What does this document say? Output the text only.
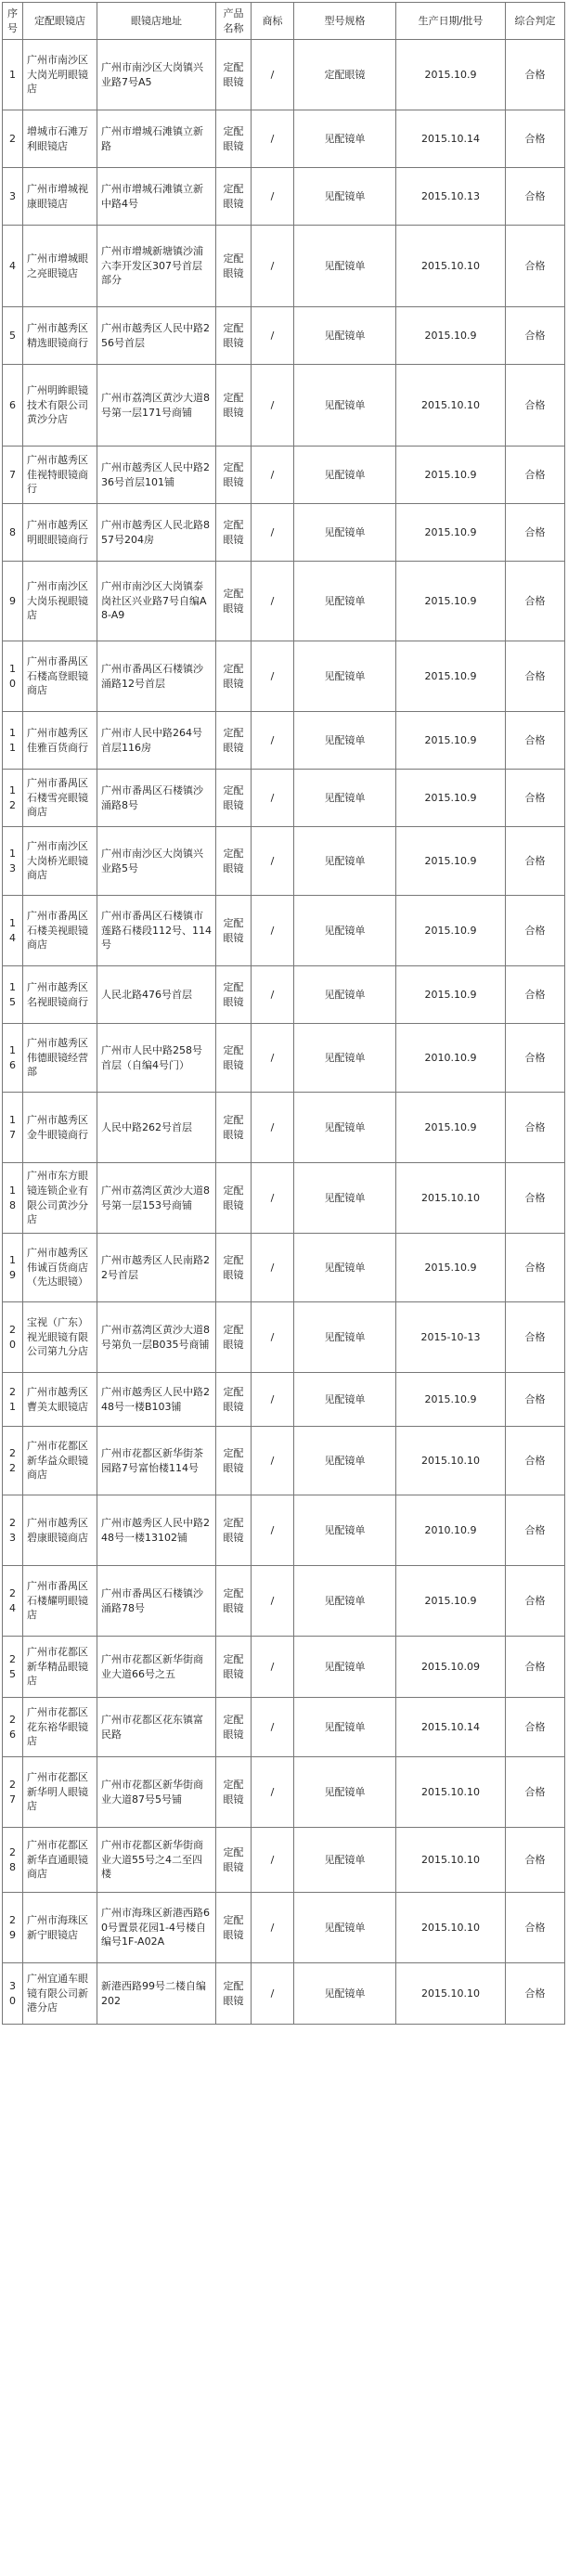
序号	定配眼镜店	眼镜店地址	产品名称	商标	型号规格	生产日期/批号	综合判定
1	广州市南沙区大岗光明眼镜店	广州市南沙区大岗镇兴业路7号A5	定配眼镜	/	定配眼镜	2015.10.9	合格
2	增城市石滩万利眼镜店	广州市增城石滩镇立新路	定配眼镜	/	见配镜单	2015.10.14	合格
3	广州市增城视康眼镜店	广州市增城石滩镇立新中路4号	定配眼镜	/	见配镜单	2015.10.13	合格
4	广州市增城眼之亮眼镜店	广州市增城新塘镇沙浦六李开发区307号首层部分	定配眼镜	/	见配镜单	2015.10.10	合格
5	广州市越秀区精选眼镜商行	广州市越秀区人民中路256号首层	定配眼镜	/	见配镜单	2015.10.9	合格
6	广州明眸眼镜技术有限公司黄沙分店	广州市荔湾区黄沙大道8号第一层171号商铺	定配眼镜	/	见配镜单	2015.10.10	合格
7	广州市越秀区佳视特眼镜商行	广州市越秀区人民中路236号首层101铺	定配眼镜	/	见配镜单	2015.10.9	合格
8	广州市越秀区明眼眼镜商行	广州市越秀区人民北路857号204房	定配眼镜	/	见配镜单	2015.10.9	合格
9	广州市南沙区大岗乐视眼镜店	广州市南沙区大岗镇泰岗社区兴业路7号自编A8-A9	定配眼镜	/	见配镜单	2015.10.9	合格
10	广州市番禺区石楼高登眼镜商店	广州市番禺区石楼镇沙涌路12号首层	定配眼镜	/	见配镜单	2015.10.9	合格
11	广州市越秀区佳雅百货商行	广州市人民中路264号首层116房	定配眼镜	/	见配镜单	2015.10.9	合格
12	广州市番禺区石楼雪亮眼镜商店	广州市番禺区石楼镇沙涌路8号	定配眼镜	/	见配镜单	2015.10.9	合格
13	广州市南沙区大岗桥光眼镜商店	广州市南沙区大岗镇兴业路5号	定配眼镜	/	见配镜单	2015.10.9	合格
14	广州市番禺区石楼美视眼镜商店	广州市番禺区石楼镇市莲路石楼段112号、114号	定配眼镜	/	见配镜单	2015.10.9	合格
15	广州市越秀区名视眼镜商行	人民北路476号首层	定配眼镜	/	见配镜单	2015.10.9	合格
16	广州市越秀区伟德眼镜经营部	广州市人民中路258号首层（自编4号门）	定配眼镜	/	见配镜单	2010.10.9	合格
17	广州市越秀区金牛眼镜商行	人民中路262号首层	定配眼镜	/	见配镜单	2015.10.9	合格
18	广州市东方眼镜连锁企业有限公司黄沙分店	广州市荔湾区黄沙大道8号第一层153号商铺	定配眼镜	/	见配镜单	2015.10.10	合格
19	广州市越秀区伟诚百货商店（先达眼镜）	广州市越秀区人民南路22号首层	定配眼镜	/	见配镜单	2015.10.9	合格
20	宝视（广东）视光眼镜有限公司第九分店	广州市荔湾区黄沙大道8号第负一层B035号商铺	定配眼镜	/	见配镜单	2015-10-13	合格
21	广州市越秀区曹美太眼镜店	广州市越秀区人民中路248号一楼B103铺	定配眼镜	/	见配镜单	2015.10.9	合格
22	广州市花都区新华益众眼镜商店	广州市花都区新华街茶园路7号富怡楼114号	定配眼镜	/	见配镜单	2015.10.10	合格
23	广州市越秀区碧康眼镜商店	广州市越秀区人民中路248号一楼13102铺	定配眼镜	/	见配镜单	2010.10.9	合格
24	广州市番禺区石楼耀明眼镜店	广州市番禺区石楼镇沙涌路78号	定配眼镜	/	见配镜单	2015.10.9	合格
25	广州市花都区新华精品眼镜店	广州市花都区新华街商业大道66号之五	定配眼镜	/	见配镜单	2015.10.09	合格
26	广州市花都区花东裕华眼镜店	广州市花都区花东镇富民路	定配眼镜	/	见配镜单	2015.10.14	合格
27	广州市花都区新华明人眼镜店	广州市花都区新华街商业大道87号5号铺	定配眼镜	/	见配镜单	2015.10.10	合格
28	广州市花都区新华直通眼镜商店	广州市花都区新华街商业大道55号之4二至四楼	定配眼镜	/	见配镜单	2015.10.10	合格
29	广州市海珠区新宁眼镜店	广州市海珠区新港西路60号置景花园1-4号楼自编号1F-A02A	定配眼镜	/	见配镜单	2015.10.10	合格
30	广州宜通车眼镜有限公司新港分店	新港西路99号二楼自编202	定配眼镜	/	见配镜单	2015.10.10	合格
